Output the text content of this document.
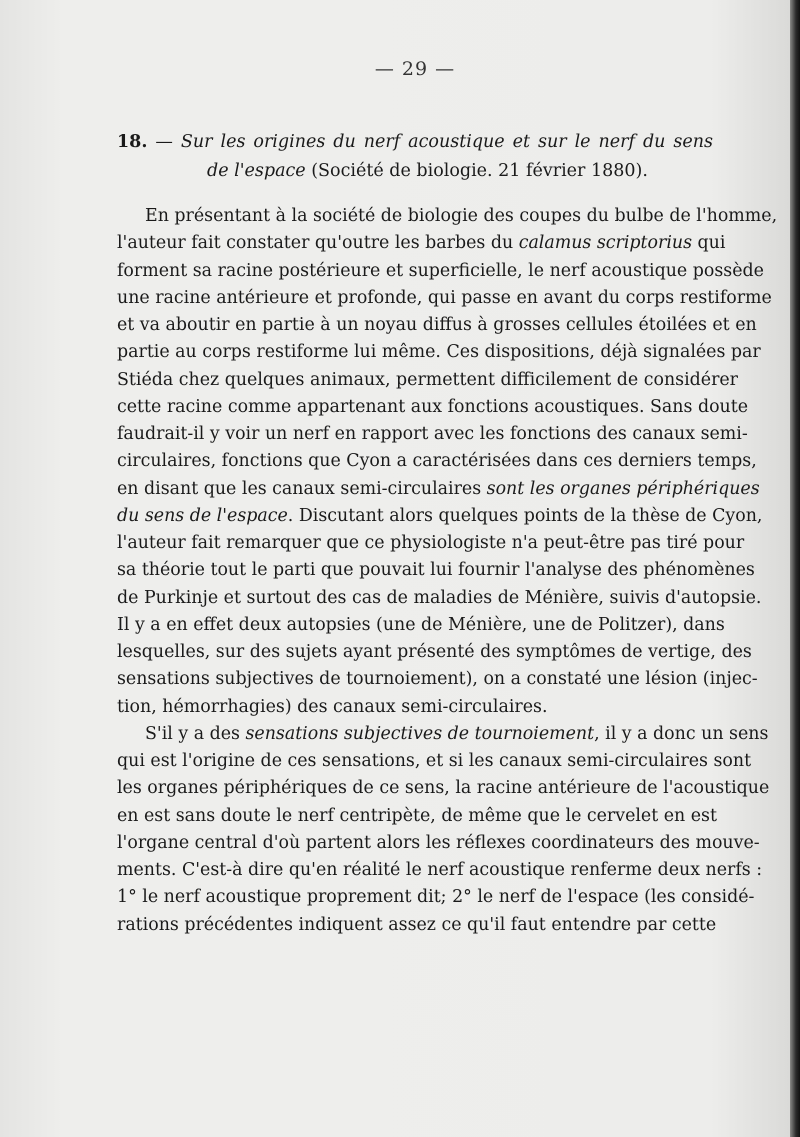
— 29 —
18. — Sur les origines du nerf acoustique et sur le nerf du sens
de l'espace (Société de biologie. 21 février 1880).
En présentant à la société de biologie des coupes du bulbe de l'homme,
l'auteur fait constater qu'outre les barbes du calamus scriptorius qui
forment sa racine postérieure et superficielle, le nerf acoustique possède
une racine antérieure et profonde, qui passe en avant du corps restiforme
et va aboutir en partie à un noyau diffus à grosses cellules étoilées et en
partie au corps restiforme lui même. Ces dispositions, déjà signalées par
Stiéda chez quelques animaux, permettent difficilement de considérer
cette racine comme appartenant aux fonctions acoustiques. Sans doute
faudrait-il y voir un nerf en rapport avec les fonctions des canaux semi-
circulaires, fonctions que Cyon a caractérisées dans ces derniers temps,
en disant que les canaux semi-circulaires sont les organes périphériques
du sens de l'espace. Discutant alors quelques points de la thèse de Cyon,
l'auteur fait remarquer que ce physiologiste n'a peut-être pas tiré pour
sa théorie tout le parti que pouvait lui fournir l'analyse des phénomènes
de Purkinje et surtout des cas de maladies de Ménière, suivis d'autopsie.
Il y a en effet deux autopsies (une de Ménière, une de Politzer), dans
lesquelles, sur des sujets ayant présenté des symptômes de vertige, des
sensations subjectives de tournoiement), on a constaté une lésion (injec-
tion, hémorrhagies) des canaux semi-circulaires.
S'il y a des sensations subjectives de tournoiement, il y a donc un sens
qui est l'origine de ces sensations, et si les canaux semi-circulaires sont
les organes périphériques de ce sens, la racine antérieure de l'acoustique
en est sans doute le nerf centripète, de même que le cervelet en est
l'organe central d'où partent alors les réflexes coordinateurs des mouve-
ments. C'est-à dire qu'en réalité le nerf acoustique renferme deux nerfs :
1° le nerf acoustique proprement dit; 2° le nerf de l'espace (les considé-
rations précédentes indiquent assez ce qu'il faut entendre par cette
